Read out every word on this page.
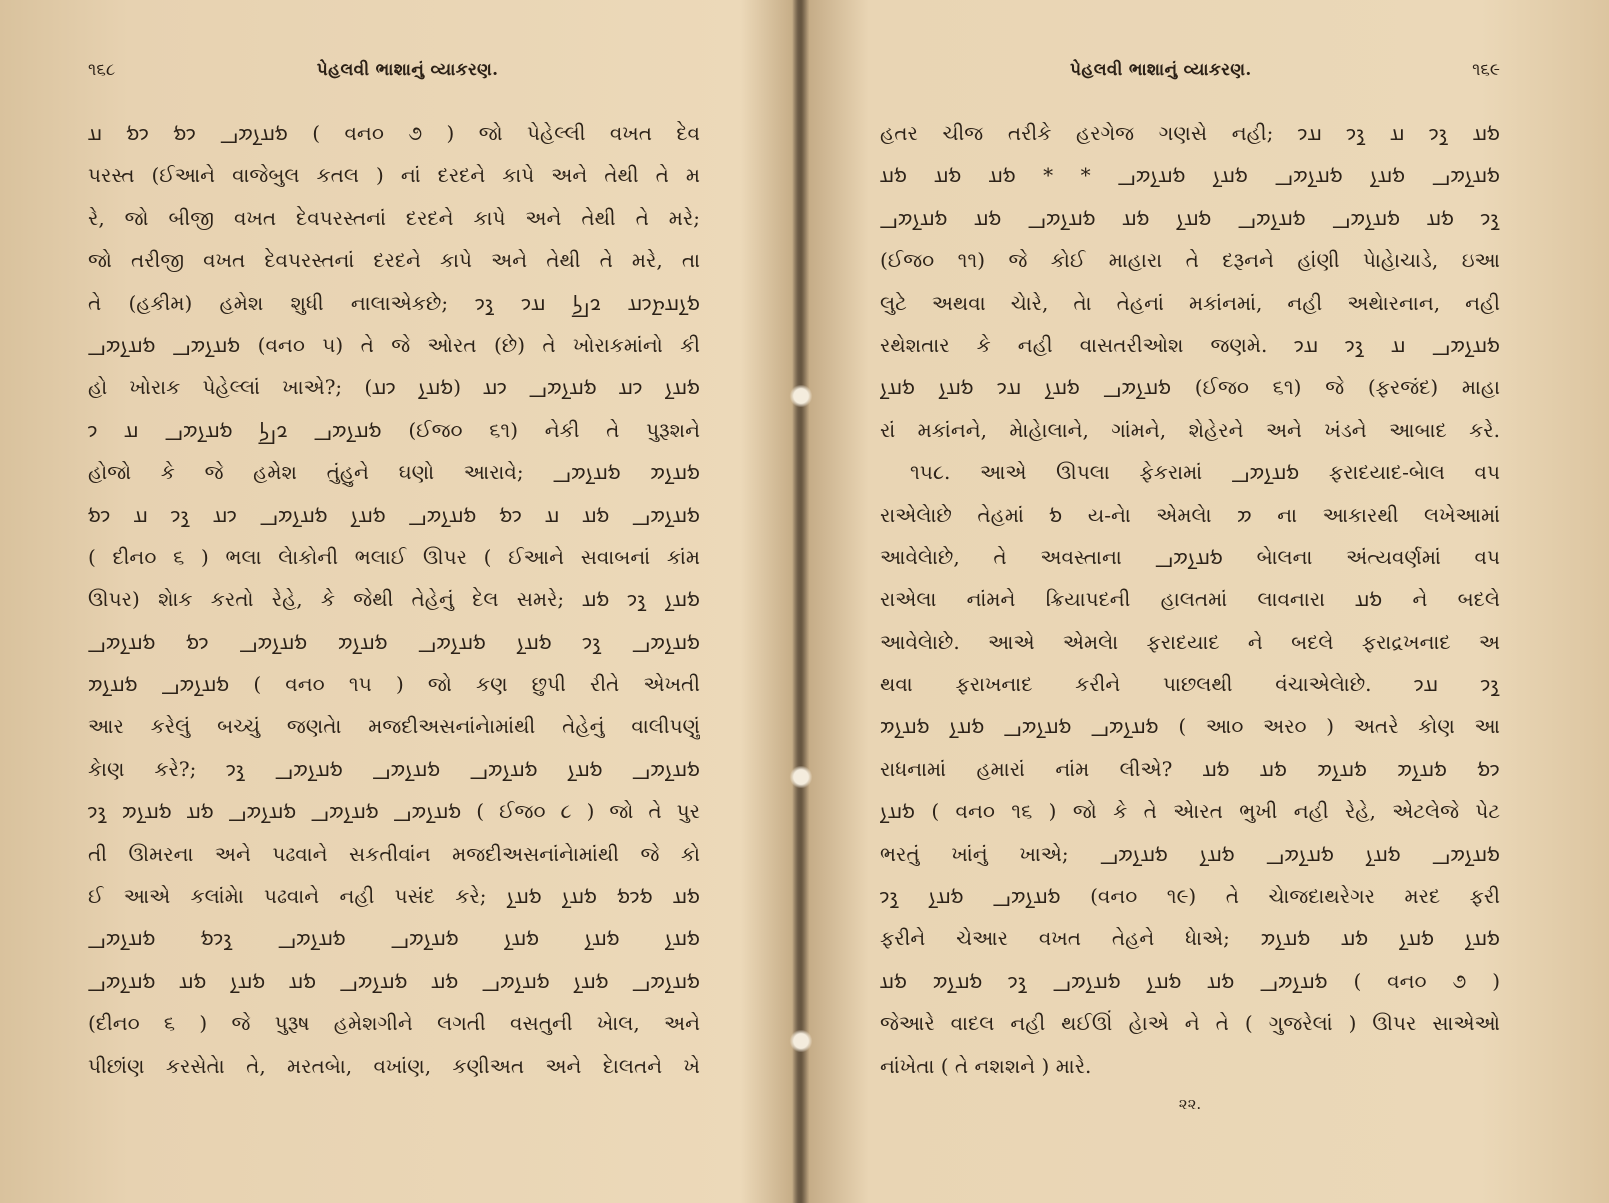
૧૬૮	પેહલવી ભાશાનું વ્યાકરણ.
𐭬𐭠𐭭𐭮𐭡 𐭩𐭬 𐭩𐭬 𐭠 ( વન૦ ૭ ) જો પેહેલ્લી વખત દેવ
પરસ્ત (ઈઆને વાજેબુલ કતલ ) નાં દરદને કાપે અને તેથી તે મ
રે, જો બીજી વખત દેવપરસ્તનાં દરદને કાપે અને તેથી તે મરે;
જો તરીજી વખત દેવપરસ્તનાં દરદને કાપે અને તેથી તે મરે, તા
તે (હકીમ) હમેશ શુધી નાલાએકછે; 𐭬𐭭𐭠𐭲𐭩𐭠 𐭥𐭡𐭫 𐭠𐭩 𐭪𐭩
𐭬𐭠𐭭𐭮𐭡 𐭬𐭠𐭭𐭮𐭡 (વન૦ ૫) તે જે ઓરત (છે) તે ખોરાકમાંનો કી
હો ખોરાક પેહેલ્લાં ખાએ?; (𐭬𐭠𐭭 𐭩𐭠) 𐭬𐭠𐭭 𐭩𐭠 𐭬𐭠𐭭𐭮𐭡 𐭩𐭠
𐭬𐭠𐭭𐭮𐭡 𐭥𐭡𐭫 𐭬𐭠𐭭𐭮𐭡 𐭠 𐭩 (ઈજ૦ ૬૧) નેકી તે પુરૂશને
હોજો કે જે હમેશ તુંહુને ઘણો આરાવે; 𐭬𐭠𐭭𐭮 𐭬𐭠𐭭𐭮𐭡
𐭬𐭠𐭭𐭮𐭡 𐭬𐭠 𐭠 𐭩𐭬 𐭬𐭠𐭭𐭮𐭡 𐭬𐭠𐭭 𐭬𐭠𐭭𐭮𐭡 𐭩𐭠 𐭪𐭩 𐭠 𐭩𐭬
( દીન૦ ૬ ) ભલા લેાકોની ભલાઈ ઊપર ( ઈઆને સવાબનાં કાંમ
ઊપર) શેાક કરતો રેહે, કે જેથી તેહેનું દેલ સમરે; 𐭬𐭠𐭭 𐭪𐭩 𐭬𐭠
𐭬𐭠𐭭𐭮𐭡 𐭪𐭩 𐭬𐭠𐭭 𐭬𐭠𐭭𐭮𐭡 𐭬𐭠𐭭𐭮 𐭬𐭠𐭭𐭮𐭡 𐭩𐭬 𐭬𐭠𐭭𐭮𐭡
𐭬𐭠𐭭𐭮𐭡 𐭬𐭠𐭭𐭮 ( વન૦ ૧૫ ) જો કણ છુપી રીતે એખતી
આર કરેલું બચ્ચું જણતેા મજદીઅસનાંનેામાંથી તેહેનું વાલીપણું
કેાણ કરે?; 𐭬𐭠𐭭𐭮𐭡 𐭬𐭠𐭭 𐭬𐭠𐭭𐭮𐭡 𐭬𐭠𐭭𐭮𐭡 𐭬𐭠𐭭𐭮𐭡 𐭪𐭩
𐭬𐭠𐭭𐭮𐭡 𐭬𐭠𐭭𐭮𐭡 𐭬𐭠𐭭𐭮𐭡 𐭬𐭠 𐭬𐭠𐭭𐭮 𐭪𐭩 ( ઈજ૦ ૮ ) જો તે પુર
તી ઊમરના અને પઢવાને સકતીવાંન મજદીઅસનાંનેામાંથી જે કો
ઈ આએ કલાંમેા પઢવાને નહી પસંદ કરે; 𐭬𐭠 𐭬𐭩𐭬 𐭬𐭠𐭭 𐭬𐭠𐭭
𐭬𐭠𐭭 𐭬𐭠𐭭 𐭬𐭠𐭭 𐭬𐭠𐭭𐭮𐭡 𐭬𐭠𐭭𐭮𐭡 𐭪𐭩𐭬 𐭬𐭠𐭭𐭮𐭡
𐭬𐭠𐭭𐭮𐭡 𐭬𐭠𐭭 𐭬𐭠𐭭𐭮𐭡 𐭬𐭠 𐭬𐭠𐭭𐭮𐭡 𐭬𐭠 𐭬𐭠𐭭 𐭬𐭠 𐭬𐭠𐭭𐭮𐭡
(દીન૦ ૬ ) જે પુરૂષ હમેશગીને લગતી વસતુની ખેાલ, અને
પીછાંણ કરસેતેા તે, મરતબેા, વખાંણ, કણીઅત અને દેાલતને ખે
પેહલવી ભાશાનું વ્યાકરણ.	૧૬૯
હતર ચીજ તરીકે હરગેજ ગણસે નહી; 𐭬𐭠 𐭪𐭩 𐭠 𐭪𐭩 𐭠𐭩
𐭬𐭠𐭭𐭮𐭡 𐭬𐭠𐭭 𐭬𐭠𐭭𐭮𐭡 𐭬𐭠𐭭 𐭬𐭠𐭭𐭮𐭡 * * 𐭬𐭠 𐭬𐭠 𐭬𐭠
𐭪𐭩 𐭬𐭠 𐭬𐭠𐭭𐭮𐭡 𐭬𐭠𐭭𐭮𐭡 𐭬𐭠𐭭 𐭬𐭠 𐭬𐭠𐭭𐭮𐭡 𐭬𐭠 𐭬𐭠𐭭𐭮𐭡
(ઈજ૦ ૧૧) જે કોઈ માહારા તે દરૂનને હાંણી પેાહેાચાડે, ઇઆ
લુટે અથવા ચેારે, તેા તેહનાં મકાંનમાં, નહી અથેારનાન, નહી
રથેશતાર કે નહી વાસતરીઓશ જણમે. 𐭬𐭠𐭭𐭮𐭡 𐭠 𐭪𐭩 𐭠𐭩
𐭬𐭠𐭭𐭮𐭡 𐭬𐭠𐭭 𐭠𐭩 𐭬𐭠𐭭 𐭬𐭠𐭭 (ઈજ૦ ૬૧) જે (ફરજંદ) માહા
રાં મકાંનને, મેાહેાલાને, ગાંમને, શેહેરને અને ખંડને આબાદ કરે.
૧૫૮. આએ ઊપલા ફેકરામાં 𐭬𐭠𐭭𐭮𐭡 ફરાદયાદ-બેાલ વપ
રાએલેાછે તેહમાં 𐭬 ય-નેા એમલેા 𐭮 ના આકારથી લખેઆમાં
આવેલેાછે, તે અવસ્તાના 𐭬𐭠𐭭𐭮𐭡 બેાલના અંત્યવર્ણમાં વપ
રાએલા નાંમને ક્રિયાપદની હાલતમાં લાવનારા 𐭬𐭠 ને બદલે
આવેલેાછે. આએ એમલેા ફરાદયાદ ને બદલે ફરાદ્રખનાદ અ
થવા ફરાખનાદ કરીને પાછલથી વંચાએલેાછે. 𐭪𐭩 𐭠𐭩
𐭬𐭠𐭭𐭮𐭡 𐭬𐭠𐭭𐭮𐭡 𐭬𐭠𐭭 𐭬𐭠𐭭𐭮 ( આ૦ અર૦ ) અતરે કોણ આ
રાધનામાં હમારાં નાંમ લીએ? 𐭩𐭬 𐭬𐭠𐭭𐭮 𐭬𐭠𐭭𐭮 𐭬𐭠 𐭬𐭠
𐭬𐭠𐭭 ( વન૦ ૧૬ ) જો કે તે એારત ભુખી નહી રેહે, એટલેજે પેટ
ભરતું ખાંનું ખાએ; 𐭬𐭠𐭭𐭮𐭡 𐭬𐭠𐭭 𐭬𐭠𐭭𐭮𐭡 𐭬𐭠𐭭 𐭬𐭠𐭭𐭮𐭡
𐭬𐭠𐭭𐭮𐭡 𐭬𐭠𐭭 𐭪𐭩 (વન૦ ૧૯) તે ચેાજદાથરેગર મરદ ફરી
ફરીને ચેઆર વખત તેહને ધેાએ; 𐭬𐭠𐭭 𐭬𐭠𐭭 𐭬𐭠 𐭬𐭠𐭭𐭮
𐭬𐭠𐭭𐭮𐭡 𐭬𐭠 𐭬𐭠𐭭 𐭬𐭠𐭭𐭮𐭡 𐭪𐭩 𐭬𐭠𐭭𐭮 𐭬𐭠 ( વન૦ ૭ )
જેઆરે વાદલ નહી થઈઊં હેાએ ને તે ( ગુજરેલાં ) ઊપર સાએઓ
નાંખેતા ( તે નશશને ) મારે.
૨૨.
